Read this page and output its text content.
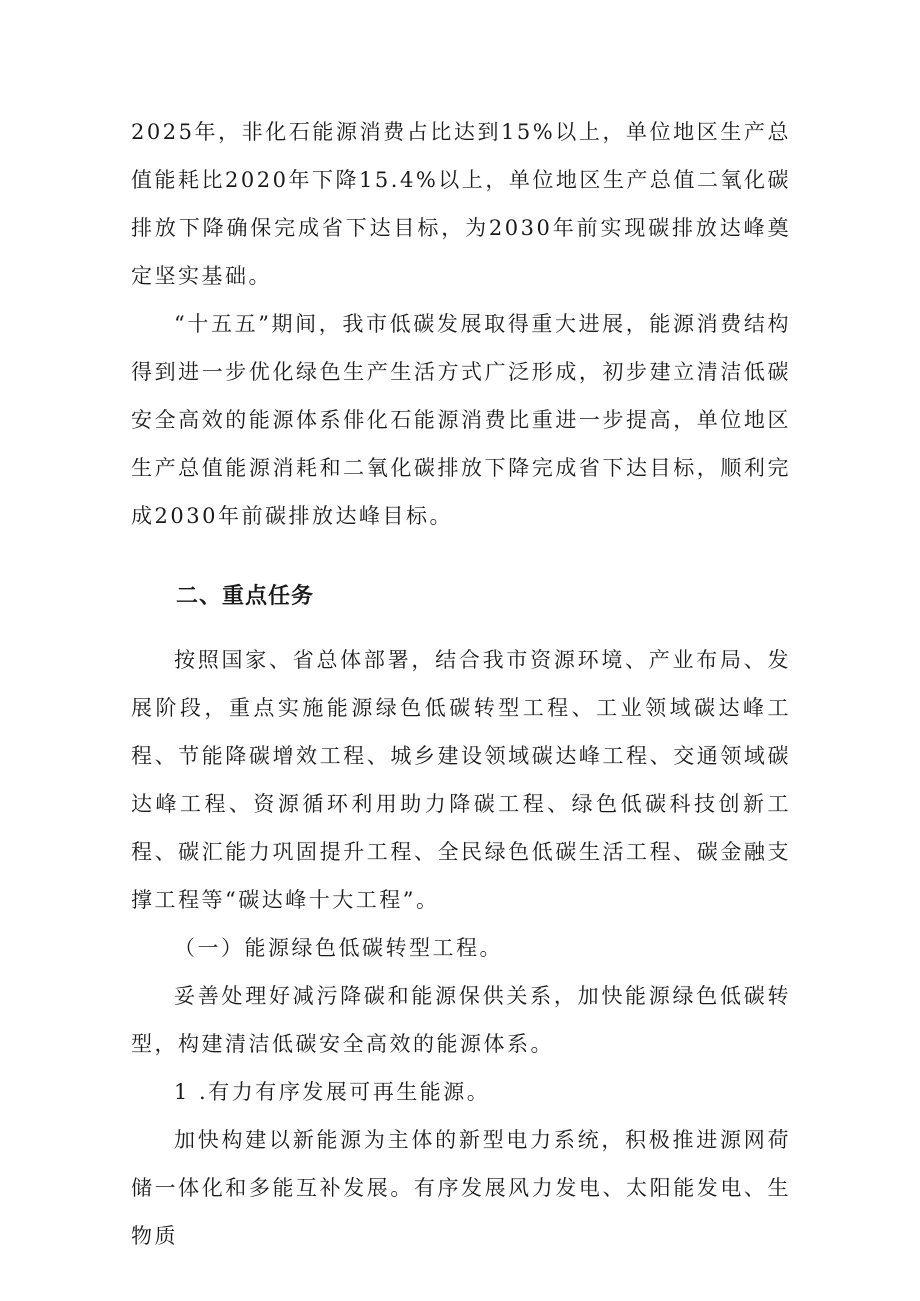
2025年，非化石能源消费占比达到15%以上，单位地区生产总值能耗比2020年下降15.4%以上，单位地区生产总值二氧化碳排放下降确保完成省下达目标，为2030年前实现碳排放达峰奠定坚实基础。

“十五五”期间，我市低碳发展取得重大进展，能源消费结构得到进一步优化绿色生产生活方式广泛形成，初步建立清洁低碳安全高效的能源体系俳化石能源消费比重进一步提高，单位地区生产总值能源消耗和二氧化碳排放下降完成省下达目标，顺利完成2030年前碳排放达峰目标。

二、重点任务

按照国家、省总体部署，结合我市资源环境、产业布局、发展阶段，重点实施能源绿色低碳转型工程、工业领域碳达峰工程、节能降碳增效工程、城乡建设领域碳达峰工程、交通领域碳达峰工程、资源循环利用助力降碳工程、绿色低碳科技创新工程、碳汇能力巩固提升工程、全民绿色低碳生活工程、碳金融支撑工程等“碳达峰十大工程”。

（一）能源绿色低碳转型工程。

妥善处理好减污降碳和能源保供关系，加快能源绿色低碳转型，构建清洁低碳安全高效的能源体系。

1 .有力有序发展可再生能源。

加快构建以新能源为主体的新型电力系统，积极推进源网荷储一体化和多能互补发展。有序发展风力发电、太阳能发电、生物质
